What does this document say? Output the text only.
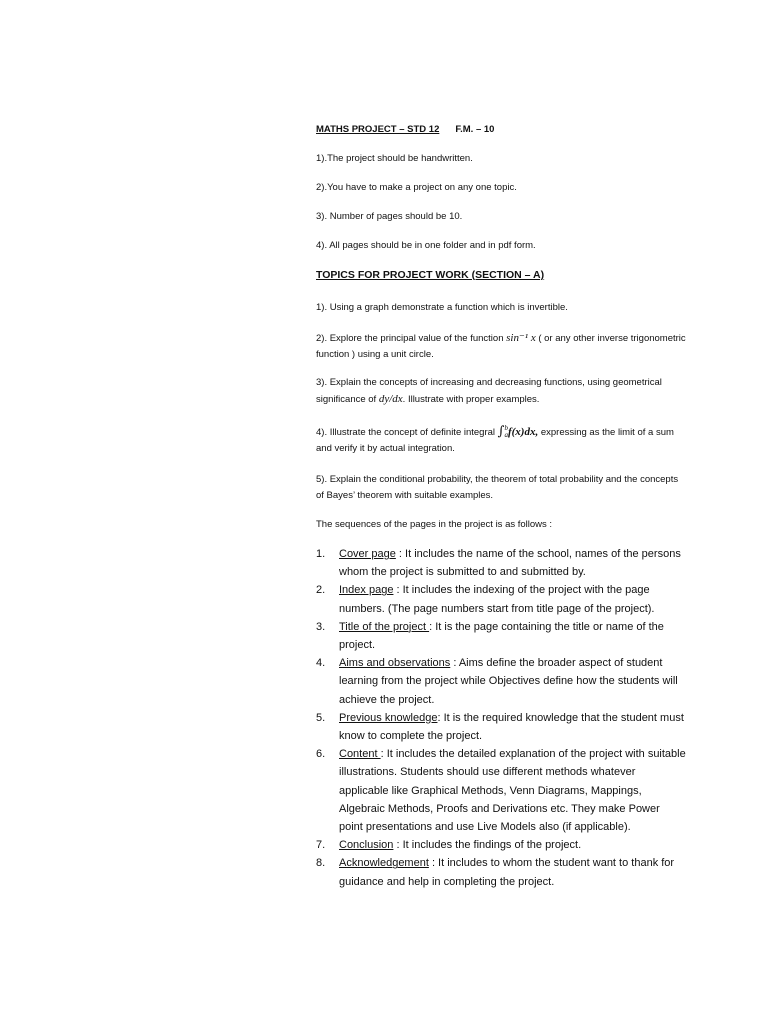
MATHS PROJECT – STD 12 F.M. – 10
1).The project should be handwritten.
2).You have to make a project on any one topic.
3). Number of pages should be 10.
4). All pages should be in one folder and in pdf form.
TOPICS FOR PROJECT WORK (SECTION – A)
1). Using a graph demonstrate a function which is invertible.
2). Explore the principal value of the function sin⁻¹ x ( or any other inverse trigonometric function ) using a unit circle.
3). Explain the concepts of increasing and decreasing functions, using geometrical significance of dy/dx. Illustrate with proper examples.
4). Illustrate the concept of definite integral ∫ b
a f(x)dx, expressing as the limit of a sum and verify it by actual integration.
5). Explain the conditional probability, the theorem of total probability and the concepts of Bayes’ theorem with suitable examples.
The sequences of the pages in the project is as follows :
1. Cover page : It includes the name of the school, names of the persons whom the project is submitted to and submitted by.
2. Index page : It includes the indexing of the project with the page numbers. (The page numbers start from title page of the project).
3. Title of the project : It is the page containing the title or name of the project.
4. Aims and observations : Aims define the broader aspect of student learning from the project while Objectives define how the students will achieve the project.
5. Previous knowledge: It is the required knowledge that the student must know to complete the project.
6. Content : It includes the detailed explanation of the project with suitable illustrations. Students should use different methods whatever applicable like Graphical Methods, Venn Diagrams, Mappings, Algebraic Methods, Proofs and Derivations etc. They make Power point presentations and use Live Models also (if applicable).
7. Conclusion : It includes the findings of the project.
8. Acknowledgement : It includes to whom the student want to thank for guidance and help in completing the project.
